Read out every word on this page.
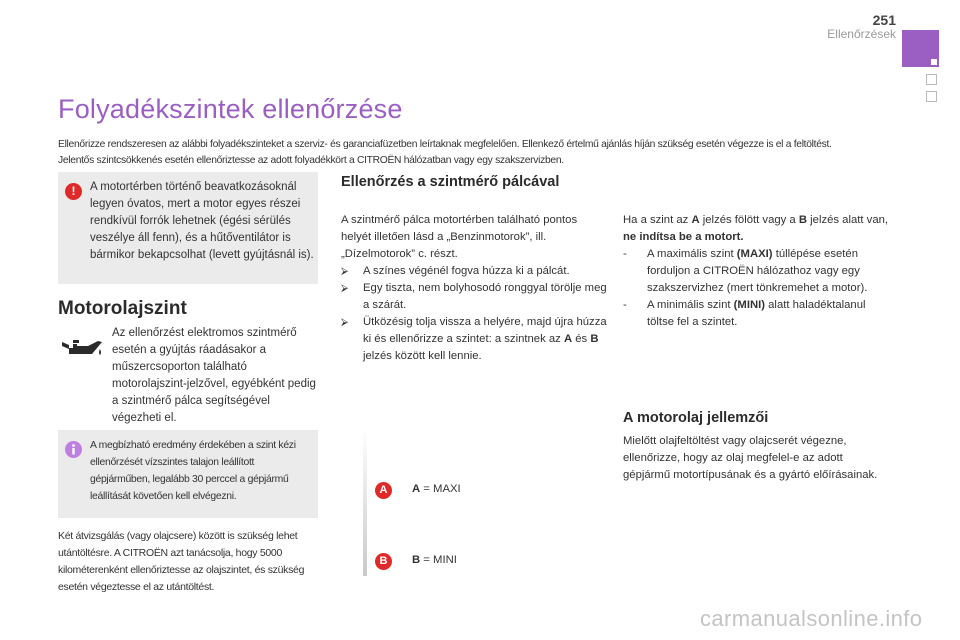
251
Ellenőrzések
Folyadékszintek ellenőrzése

Ellenőrizze rendszeresen az alábbi folyadékszinteket a szerviz- és garanciafüzetben leírtaknak megfelelően. Ellenkező értelmű ajánlás híján szükség esetén végezze is el a feltöltést.

Jelentős szintcsökkenés esetén ellenőriztesse az adott folyadékkört a CITROËN hálózatban vagy egy szakszervizben.

!	A motortérben történő beavatkozásoknál legyen óvatos, mert a motor egyes részei rendkívül forrók lehetnek (égési sérülés veszélye áll fenn), és a hűtőventilátor is bármikor bekapcsolhat (levett gyújtásnál is).
Motorolajszint
Az ellenőrzést elektromos szintmérő esetén a gyújtás ráadásakor a műszercsoporton található motorolajszint-jelzővel, egyébként pedig a szintmérő pálca segítségével végezheti el.
A megbízható eredmény érdekében a szint kézi ellenőrzését vízszintes talajon leállított gépjárműben, legalább 30 perccel a gépjármű leállítását követően kell elvégezni.
Két átvizsgálás (vagy olajcsere) között is szükség lehet utántöltésre. A CITROËN azt tanácsolja, hogy 5000 kilométerenként ellenőriztesse az olajszintet, és szükség esetén végeztesse el az utántöltést.
Ellenőrzés a szintmérő pálcával

A szintmérő pálca motortérben található pontos helyét illetően lásd a „Benzinmotorok”, ill. „Dízelmotorok” c. részt.

⮚ A színes végénél fogva húzza ki a pálcát.
⮚ Egy tiszta, nem bolyhosodó ronggyal törölje meg a szárát.
⮚ Ütközésig tolja vissza a helyére, majd újra húzza ki és ellenőrizze a szintet: a szintnek az A és B jelzés között kell lennie.
A	A = MAXI
B	B = MINI

Ha a szint az A jelzés fölött vagy a B jelzés alatt van, ne indítsa be a motort.

- A maximális szint (MAXI) túllépése esetén forduljon a CITROËN hálózathoz vagy egy szakszervizhez (mert tönkremehet a motor).
- A minimális szint (MINI) alatt haladéktalanul töltse fel a szintet.
A motorolaj jellemzői
Mielőtt olajfeltöltést vagy olajcserét végezne, ellenőrizze, hogy az olaj megfelel-e az adott gépjármű motortípusának és a gyártó előírásainak.
carmanualsonline.info
